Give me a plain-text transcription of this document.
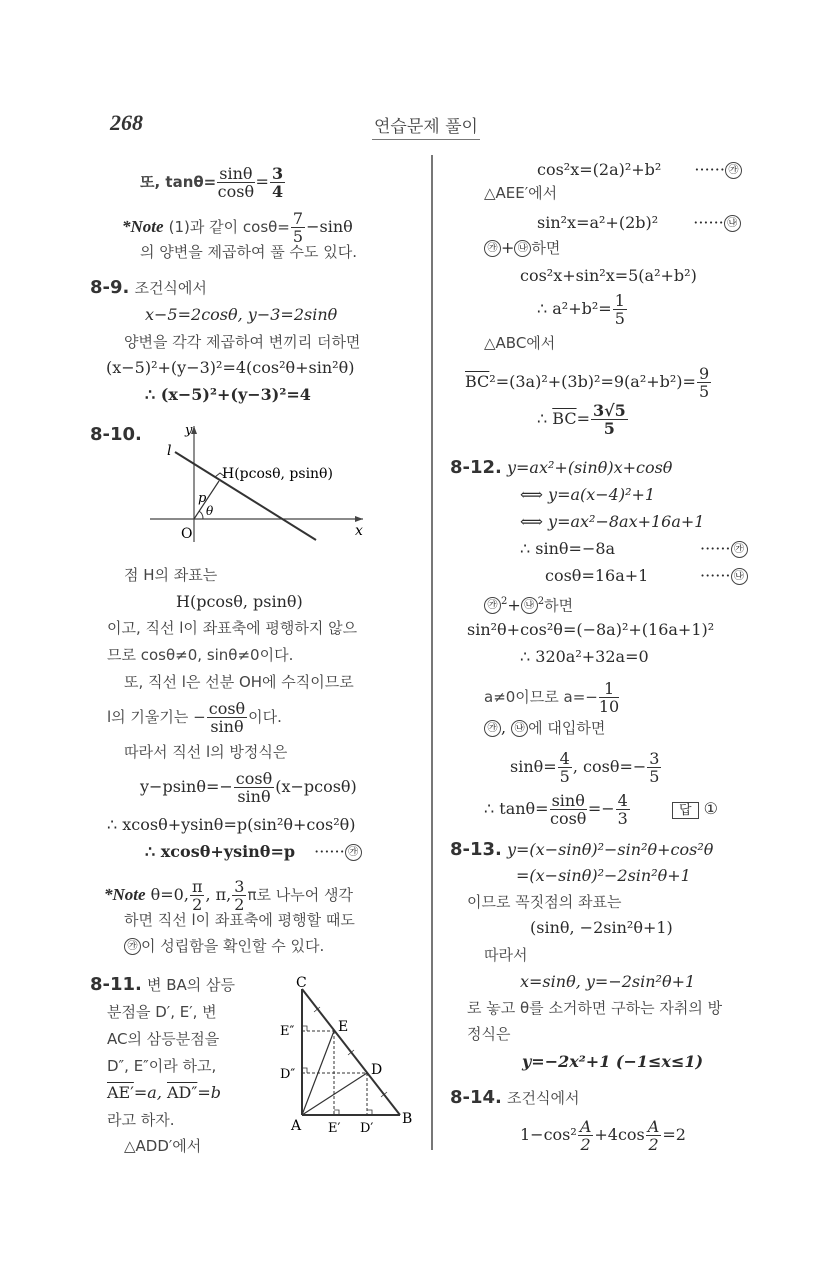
268	연습문제 풀이
또, $\tan\theta= \frac{\sin\theta}{\cos\theta} = \frac{3}{4}$
*Note (1)과 같이 $\cos\theta= \frac{7}{5} -\sin\theta$
의 양변을 제곱하여 풀 수도 있다.
8-9. 조건식에서
x−5=2cosθ, y−3=2sinθ
양변을 각각 제곱하여 변끼리 더하면
(x−5)²+(y−3)²=4(cos²θ+sin²θ)
∴ (x−5)²+(y−3)²=4
8-10.
l
H(pcosθ, psinθ)
O	x
y
p
θ
점 H의 좌표는
H(pcosθ, psinθ)
이고, 직선 l이 좌표축에 평행하지 않으
므로 cosθ≠0, sinθ≠0이다.
또, 직선 l은 선분 OH에 수직이므로
l의 기울기는 − $\frac{\cos\theta}{\sin\theta}$ 이다.
따라서 직선 l의 방정식은
$y-psin\theta=- \frac{\cos\theta}{\sin\theta} (x-pcos\theta)$
∴ xcosθ+ysinθ=p(sin²θ+cos²θ)
∴ xcosθ+ysinθ=p ······ ㉮
*Note θ=0, $\frac{\pi}{2}$ , π, $\frac{3}{2}$ π로 나누어 생각
하면 직선 l이 좌표축에 평행할 때도
㉮ 이 성립함을 확인할 수 있다.
8-11. 변 BA의 삼등
분점을 D′, E′, 변
AC의 삼등분점을
D″, E″이라 하고,
AE′=a, AD″=b
라고 하자.
△ADD′에서
C
B
A
E
D
E′ D′
E″
D″
cos²x=(2a)²+b² ······ ㉮
△AEE′에서
sin²x=a²+(2b)² ······ ㉯
㉮ + ㉯ 하면
cos²x+sin²x=5(a²+b²)
∴ $a^2+b^2= \frac{1}{5}$
△ABC에서
$\overline{BC}^2=(3a)^2+(3b)^2=9(a^2+b^2)= \frac{9}{5}$
∴ $\overline{BC}= \frac{3√5}{5}$
8-12. y=ax²+(sinθ)x+cosθ
⟺ y=a(x−4)²+1
⟺ y=ax²−8ax+16a+1
∴ sinθ=−8a	······ ㉮
cosθ=16a+1	······ ㉯
㉮ $^2$+ ㉯ $^2$하면
sin²θ+cos²θ=(−8a)²+(16a+1)²
∴ 320a²+32a=0
a≠0이므로 $a=- \frac{1}{10}$
㉮ , ㉯ 에 대입하면
$\sin\theta= \frac{4}{5}$ , $\cos\theta=- \frac{3}{5}$
∴ $\tan\theta= \frac{\sin\theta}{\cos\theta} =- \frac{4}{3}$	답 ①
8-13. y=(x−sinθ)²−sin²θ+cos²θ
=(x−sinθ)²−2sin²θ+1
이므로 꼭짓점의 좌표는
(sinθ, −2sin²θ+1)
따라서
x=sinθ, y=−2sin²θ+1
로 놓고 θ를 소거하면 구하는 자취의 방
정식은
y=−2x²+1 (−1≤x≤1)
8-14. 조건식에서
$1-\cos^2 \frac{A}{2} +4\cos \frac{A}{2} =2$
